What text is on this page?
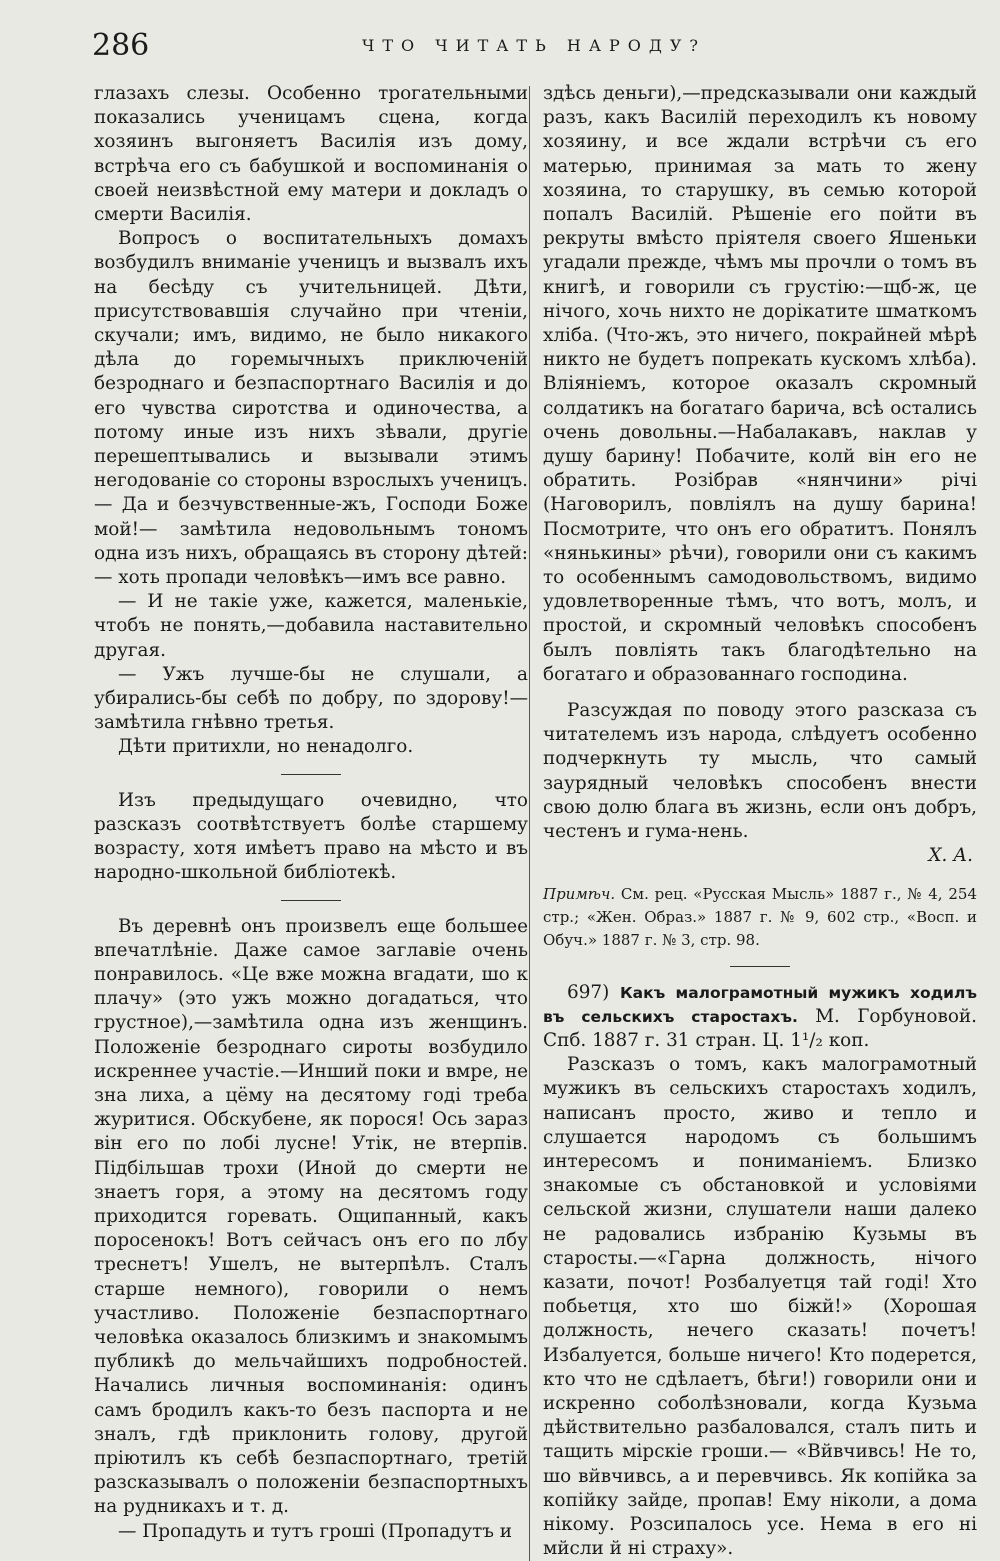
286	ЧТО ЧИТАТЬ НАРОДУ?

глазахъ слезы. Особенно трогательными показались ученицамъ сцена, когда хозяинъ выгоняетъ Василія изъ дому, встрѣча его съ бабушкой и воспоминанія о своей неизвѣстной ему матери и докладъ о смерти Василія.

Вопросъ о воспитательныхъ домахъ возбудилъ вниманіе ученицъ и вызвалъ ихъ на бесѣду съ учительницей. Дѣти, присутствовавшія случайно при чтеніи, скучали; имъ, видимо, не было никакого дѣла до горемычныхъ приключеній безроднаго и безпаспортнаго Василія и до его чувства сиротства и одиночества, а потому иные изъ нихъ зѣвали, другіе перешептывались и вызывали этимъ негодованіе со стороны взрослыхъ ученицъ.— Да и безчувственные-жъ, Господи Боже мой!— замѣтила недовольнымъ тономъ одна изъ нихъ, обращаясь въ сторону дѣтей: — хоть пропади человѣкъ—имъ все равно.

— И не такіе уже, кажется, маленькіе, чтобъ не понять,—добавила наставительно другая.

— Ужъ лучше-бы не слушали, а убирались-бы себѣ по добру, по здорову!—замѣтила гнѣвно третья.

Дѣти притихли, но ненадолго.

Изъ предыдущаго очевидно, что разсказъ соотвѣтствуетъ болѣе старшему возрасту, хотя имѣетъ право на мѣсто и въ народно-школьной библіотекѣ.

Въ деревнѣ онъ произвелъ еще большее впечатлѣніе. Даже самое заглавіе очень понравилось. «Це вже можна вгадати, шо к плачу» (это ужъ можно догадаться, что грустное),—замѣтила одна изъ женщинъ. Положеніе безроднаго сироты возбудило искреннее участіе.—Инший поки и вмре, не зна лиха, а цёму на десятому годі треба журитися. Обскубене, як порося! Ось зараз він его по лобі лусне! Утік, не втерпів. Підбільшав трохи (Иной до смерти не знаетъ горя, а этому на десятомъ году приходится горевать. Ощипанный, какъ поросенокъ! Вотъ сейчасъ онъ его по лбу треснетъ! Ушелъ, не вытерпѣлъ. Сталъ старше немного), говорили о немъ участливо. Положеніе безпаспортнаго человѣка оказалось близкимъ и знакомымъ публикѣ до мельчайшихъ подробностей. Начались личныя воспоминанія: одинъ самъ бродилъ какъ-то безъ паспорта и не зналъ, гдѣ приклонить голову, другой пріютилъ къ себѣ безпаспортнаго, третій разсказывалъ о положеніи безпаспортныхъ на рудникахъ и т. д.

— Пропадуть и тутъ гроші (Пропадутъ и

здѣсь деньги),—предсказывали они каждый разъ, какъ Василій переходилъ къ новому хозяину, и все ждали встрѣчи съ его матерью, принимая за мать то жену хозяина, то старушку, въ семью которой попалъ Василій. Рѣшеніе его пойти въ рекруты вмѣсто пріятеля своего Яшеньки угадали прежде, чѣмъ мы прочли о томъ въ книгѣ, и говорили съ грустію:—щб-ж, це нічого, хочь нихто не дорікатите шматкомъ хліба. (Что-жъ, это ничего, покрайней мѣрѣ никто не будетъ попрекать кускомъ хлѣба). Вліяніемъ, которое оказалъ скромный солдатикъ на богатаго барича, всѣ остались очень довольны.—Набалакавъ, наклав у душу барину! Побачите, колй він его не обратить. Розібрав «нянчини» річі (Наговорилъ, повліялъ на душу барина! Посмотрите, что онъ его обратитъ. Понялъ «нянькины» рѣчи), говорили они съ какимъ то особеннымъ самодовольствомъ, видимо удовлетворенные тѣмъ, что вотъ, молъ, и простой, и скромный человѣкъ способенъ былъ повліять такъ благодѣтельно на богатаго и образованнаго господина.

Разсуждая по поводу этого разсказа съ читателемъ изъ народа, слѣдуетъ особенно подчеркнуть ту мысль, что самый заурядный человѣкъ способенъ внести свою долю блага въ жизнь, если онъ добръ, честенъ и гума-нень.

Х. А.

Примѣч. См. рец. «Русская Мысль» 1887 г., № 4, 254 стр.; «Жен. Образ.» 1887 г. № 9, 602 стр., «Восп. и Обуч.» 1887 г. № 3, стр. 98.

697) Какъ малограмотный мужикъ ходилъ въ сельскихъ старостахъ. М. Горбуновой. Спб. 1887 г. 31 стран. Ц. 1¹/₂ коп.

Разсказъ о томъ, какъ малограмотный мужикъ въ сельскихъ старостахъ ходилъ, написанъ просто, живо и тепло и слушается народомъ съ большимъ интересомъ и пониманіемъ. Близко знакомые съ обстановкой и условіями сельской жизни, слушатели наши далеко не радовались избранію Кузьмы въ старосты.—«Гарна должность, нічого казати, почот! Розбалуетця тай годі! Хто побьетця, хто шо біжй!» (Хорошая должность, нечего сказать! почетъ! Избалуется, больше ничего! Кто подерется, кто что не сдѣлаетъ, бѣги!) говорили они и искренно соболѣзновали, когда Кузьма дѣйствительно разбаловался, сталъ пить и тащить мірскіе гроши.— «Вйвчивсь! Не то, шо вйвчивсь, а и перевчивсь. Як копійка за копійку зайде, пропав! Ему ніколи, а дома нікому. Розсипалось усе. Нема в его ні мйсли й ні страху».
